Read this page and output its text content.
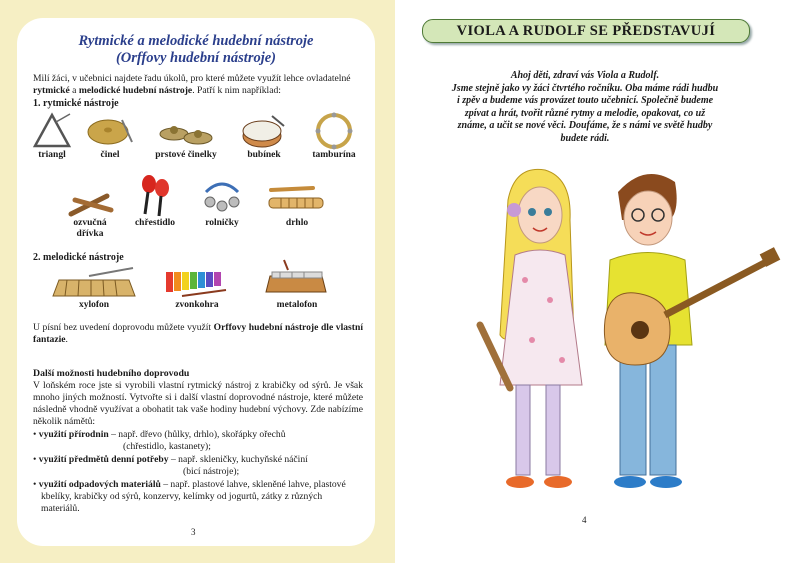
Rytmické a melodické hudební nástroje
(Orffovy hudební nástroje)
Milí žáci, v učebnici najdete řadu úkolů, pro které můžete využít lehce ovladatelné
rytmické a melodické hudební nástroje. Patří k nim například:
1. rytmické nástroje
triangl	činel	prstové činelky	bubínek	tamburína
ozvučná
dřívka
chřestidlo	rolničky	drhlo
2. melodické nástroje
xylofon	zvonkohra	metalofon
U písní bez uvedení doprovodu můžete využít Orffovy hudební nástroje dle vlastní fantazie.
Další možnosti hudebního doprovodu
V loňském roce jste si vyrobili vlastní rytmický nástroj z krabičky od sýrů. Je však mnoho jiných možností. Vytvořte si i další vlastní doprovodné nástroje, které můžete následně vhodně využívat a obohatit tak vaše hodiny hudební výchovy. Zde nabízíme několik námětů:
• využití přírodnin – např. dřevo (hůlky, drhlo), skořápky ořechů
(chřestidlo, kastanety);
• využití předmětů denní potřeby – např. skleničky, kuchyňské náčiní
(bicí nástroje);
• využití odpadových materiálů – např. plastové lahve, skleněné lahve, plastové
kbelíky, krabičky od sýrů, konzervy, kelímky od jogurtů, zátky z různých
materiálů.
3
VIOLA A RUDOLF SE PŘEDSTAVUJÍ
Ahoj děti, zdraví vás Viola a Rudolf.
Jsme stejně jako vy žáci čtvrtého ročníku. Oba máme rádi hudbu
i zpěv a budeme vás provázet touto učebnicí. Společně budeme
zpívat a hrát, tvořit různé rytmy a melodie, opakovat, co už
známe, a učit se nové věci. Doufáme, že s námi ve světě hudby
budete rádi.
4
